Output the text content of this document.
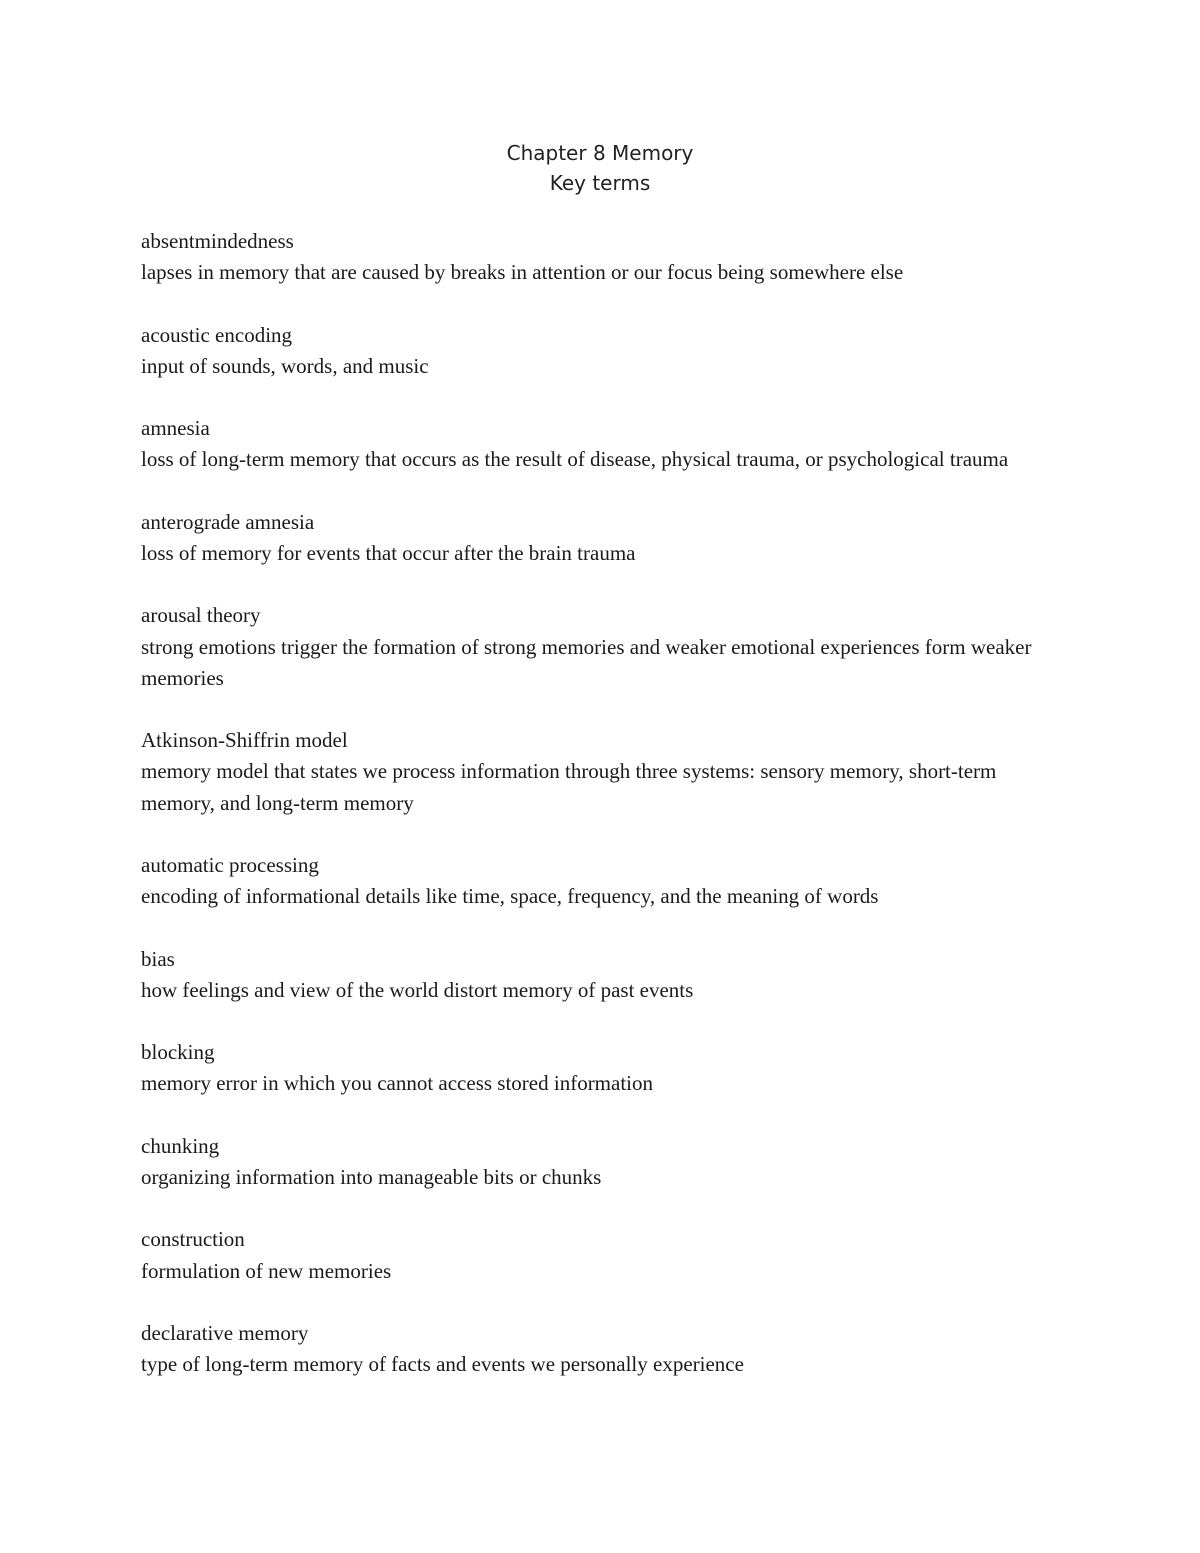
Chapter 8 Memory
Key terms
absentmindedness
lapses in memory that are caused by breaks in attention or our focus being somewhere else
acoustic encoding
input of sounds, words, and music
amnesia
loss of long-term memory that occurs as the result of disease, physical trauma, or psychological trauma
anterograde amnesia
loss of memory for events that occur after the brain trauma
arousal theory
strong emotions trigger the formation of strong memories and weaker emotional experiences form weaker memories
Atkinson-Shiffrin model
memory model that states we process information through three systems: sensory memory, short-term memory, and long-term memory
automatic processing
encoding of informational details like time, space, frequency, and the meaning of words
bias
how feelings and view of the world distort memory of past events
blocking
memory error in which you cannot access stored information
chunking
organizing information into manageable bits or chunks
construction
formulation of new memories
declarative memory
type of long-term memory of facts and events we personally experience
